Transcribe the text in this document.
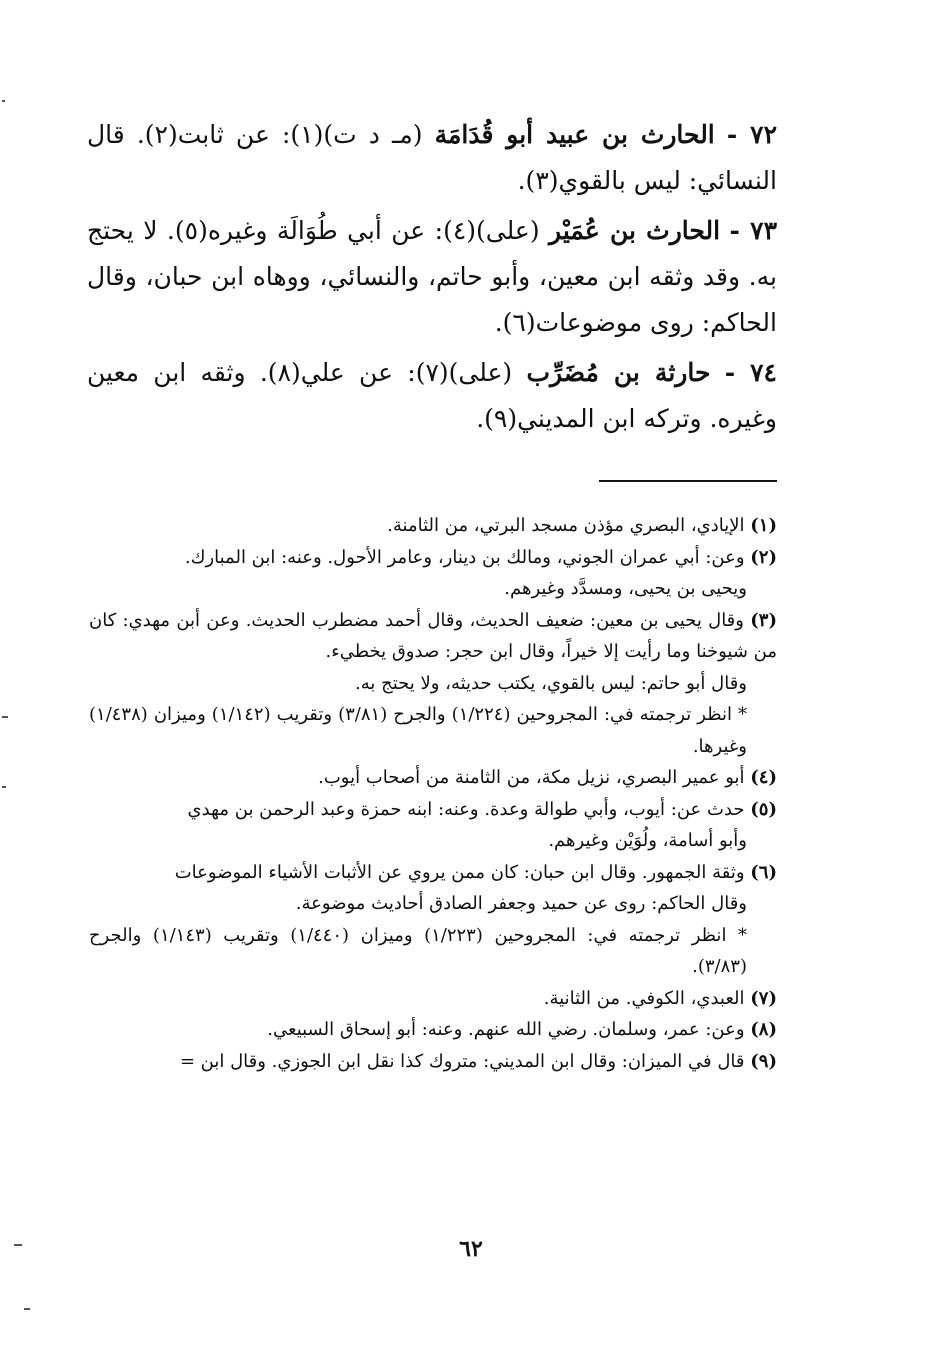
٧٢ - الحارث بن عبيد أبو قُدَامَة (مـ د ت)(١): عن ثابت(٢). قال النسائي: ليس بالقوي(٣).

٧٣ - الحارث بن عُمَيْر (على)(٤): عن أبي طُوَالَة وغيره(٥). لا يحتج به. وقد وثقه ابن معين، وأبو حاتم، والنسائي، ووهاه ابن حبان، وقال الحاكم: روى موضوعات(٦).

٧٤ - حارثة بن مُضَرِّب (على)(٧): عن علي(٨). وثقه ابن معين وغيره. وتركه ابن المديني(٩).

(١) الإيادي، البصري مؤذن مسجد البرتي، من الثامنة.

(٢) وعن: أبي عمران الجوني، ومالك بن دينار، وعامر الأحول. وعنه: ابن المبارك.
ويحيى بن يحيى، ومسدَّد وغيرهم.

(٣) وقال يحيى بن معين: ضعيف الحديث، وقال أحمد مضطرب الحديث. وعن أبن مهدي: كان من شيوخنا وما رأيت إلا خيراً، وقال ابن حجر: صدوق يخطيء.
وقال أبو حاتم: ليس بالقوي، يكتب حديثه، ولا يحتج به.
* انظر ترجمته في: المجروحين (١/٢٢٤) والجرح (٣/٨١) وتقريب (١/١٤٢) وميزان (١/٤٣٨) وغيرها.

(٤) أبو عمير البصري، نزيل مكة، من الثامنة من أصحاب أيوب.

(٥) حدث عن: أيوب، وأبي طوالة وعدة. وعنه: ابنه حمزة وعبد الرحمن بن مهدي
وأبو أسامة، ولُوَيْن وغيرهم.

(٦) وثقة الجمهور. وقال ابن حبان: كان ممن يروي عن الأثبات الأشياء الموضوعات
وقال الحاكم: روى عن حميد وجعفر الصادق أحاديث موضوعة.
* انظر ترجمته في: المجروحين (١/٢٢٣) وميزان (١/٤٤٠) وتقريب (١/١٤٣) والجرح (٣/٨٣).

(٧) العبدي، الكوفي. من الثانية.

(٨) وعن: عمر، وسلمان. رضي الله عنهم. وعنه: أبو إسحاق السبيعي.

(٩) قال في الميزان: وقال ابن المديني: متروك كذا نقل ابن الجوزي. وقال ابن =

٦٢
